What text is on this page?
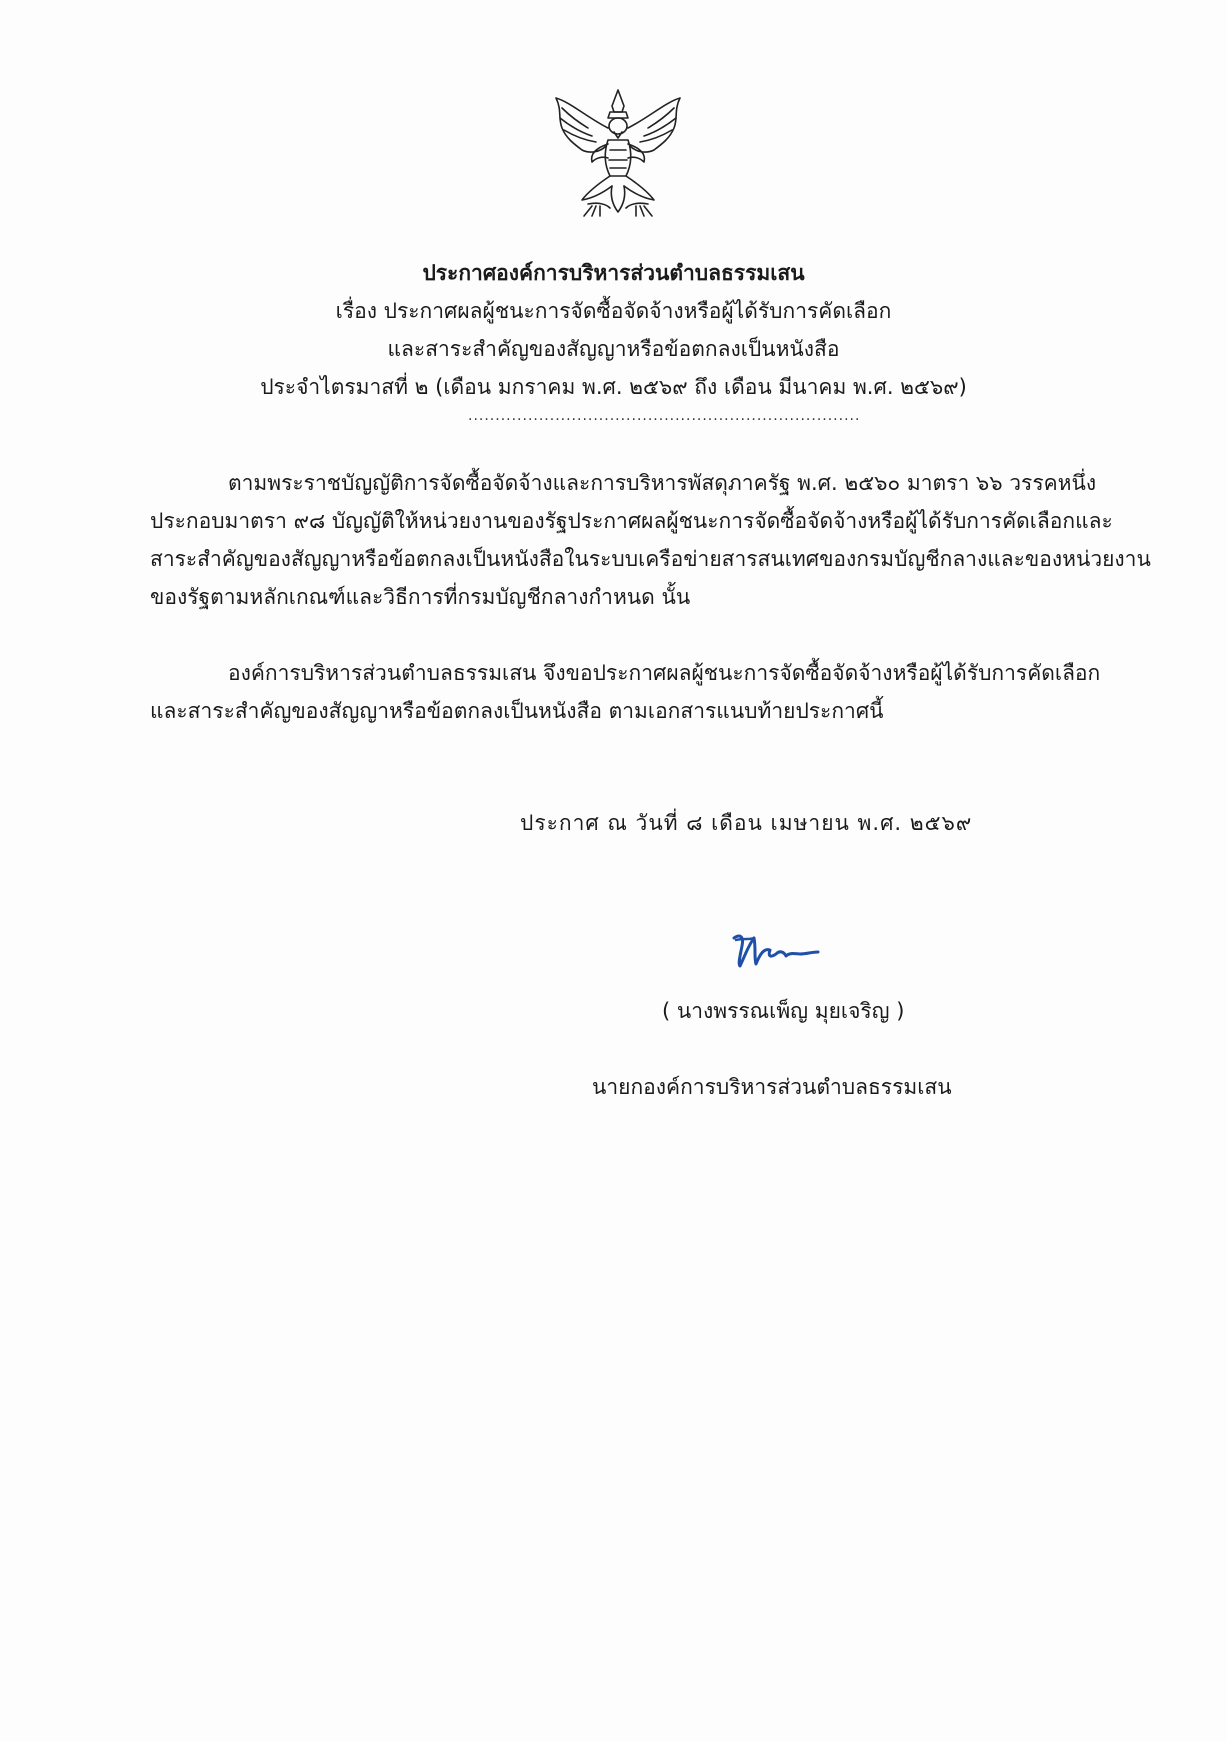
ประกาศองค์การบริหารส่วนตำบลธรรมเสน
เรื่อง ประกาศผลผู้ชนะการจัดซื้อจัดจ้างหรือผู้ได้รับการคัดเลือก
และสาระสำคัญของสัญญาหรือข้อตกลงเป็นหนังสือ
ประจำไตรมาสที่ ๒ (เดือน มกราคม พ.ศ. ๒๕๖๙ ถึง เดือน มีนาคม พ.ศ. ๒๕๖๙)
........................................................................
ตามพระราชบัญญัติการจัดซื้อจัดจ้างและการบริหารพัสดุภาครัฐ พ.ศ. ๒๕๖๐ มาตรา ๖๖ วรรคหนึ่ง
ประกอบมาตรา ๙๘ บัญญัติให้หน่วยงานของรัฐประกาศผลผู้ชนะการจัดซื้อจัดจ้างหรือผู้ได้รับการคัดเลือกและ
สาระสำคัญของสัญญาหรือข้อตกลงเป็นหนังสือในระบบเครือข่ายสารสนเทศของกรมบัญชีกลางและของหน่วยงาน
ของรัฐตามหลักเกณฑ์และวิธีการที่กรมบัญชีกลางกำหนด นั้น
องค์การบริหารส่วนตำบลธรรมเสน จึงขอประกาศผลผู้ชนะการจัดซื้อจัดจ้างหรือผู้ได้รับการคัดเลือก
และสาระสำคัญของสัญญาหรือข้อตกลงเป็นหนังสือ ตามเอกสารแนบท้ายประกาศนี้
ประกาศ ณ วันที่ ๘ เดือน เมษายน พ.ศ. ๒๕๖๙
( นางพรรณเพ็ญ มุยเจริญ )
นายกองค์การบริหารส่วนตำบลธรรมเสน
